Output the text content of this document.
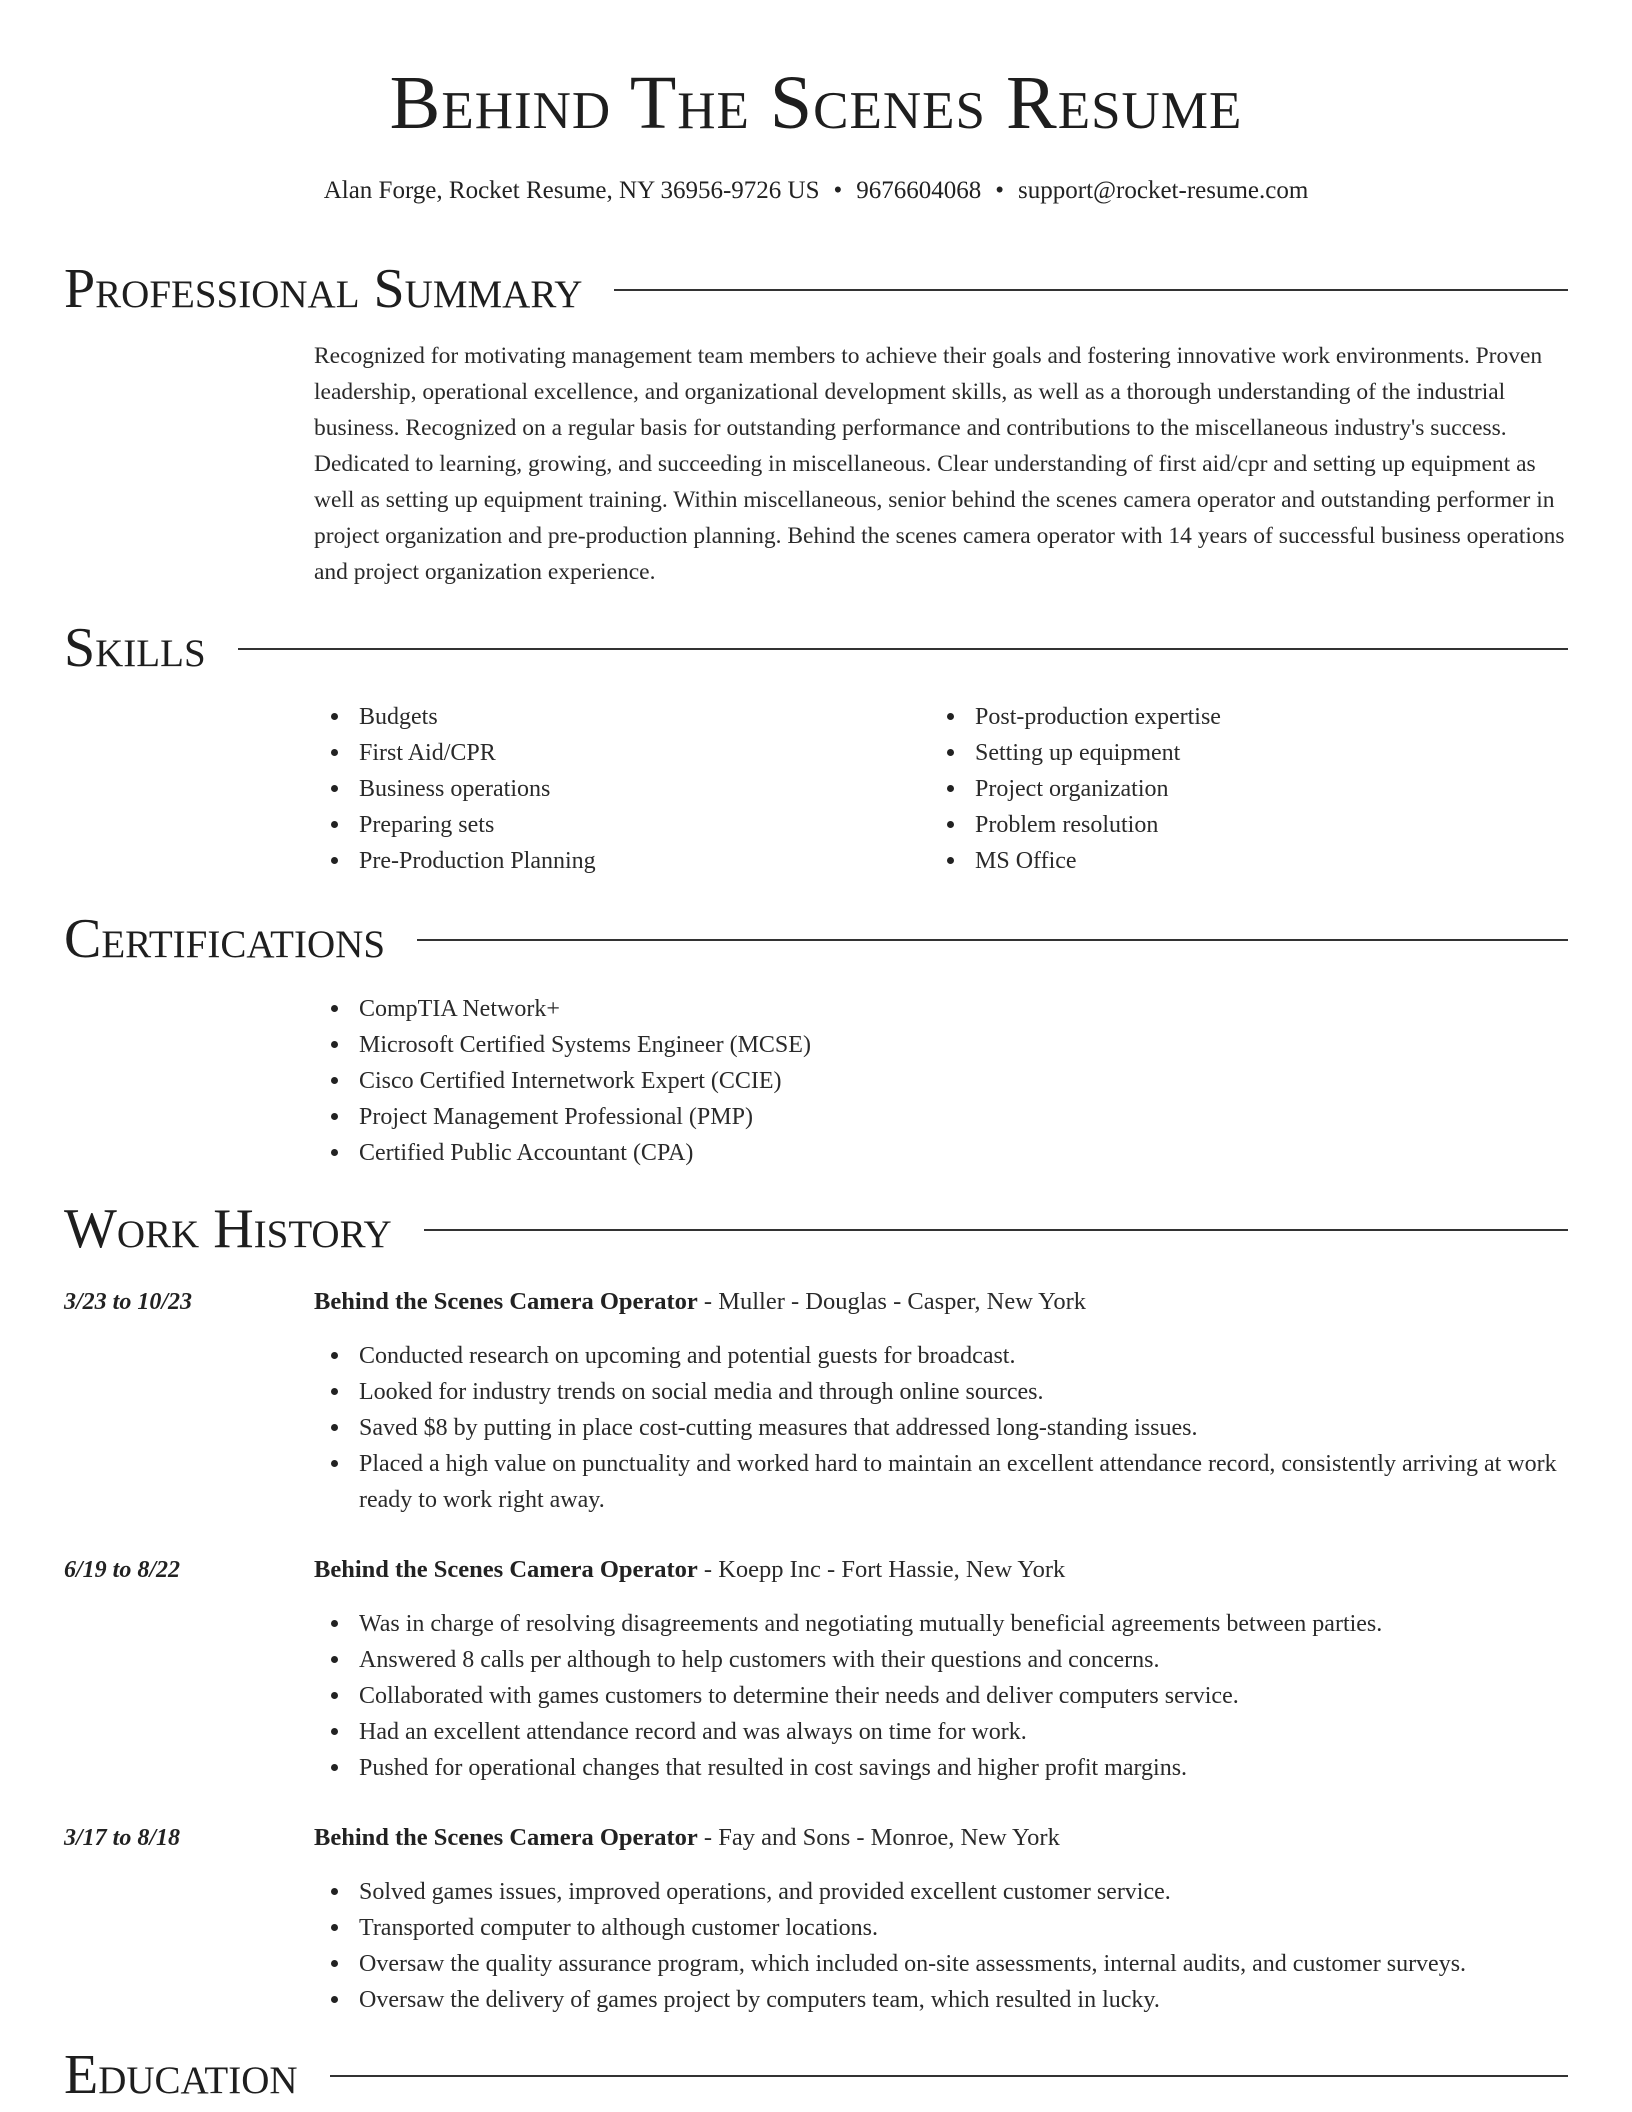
Behind The Scenes Resume
Alan Forge, Rocket Resume, NY 36956-9726 US • 9676604068 • support@rocket-resume.com
Professional Summary

Recognized for motivating management team members to achieve their goals and fostering innovative work environments. Proven leadership, operational excellence, and organizational development skills, as well as a thorough understanding of the industrial business. Recognized on a regular basis for outstanding performance and contributions to the miscellaneous industry's success. Dedicated to learning, growing, and succeeding in miscellaneous. Clear understanding of first aid/cpr and setting up equipment as well as setting up equipment training. Within miscellaneous, senior behind the scenes camera operator and outstanding performer in project organization and pre-production planning. Behind the scenes camera operator with 14 years of successful business operations and project organization experience.

Skills
Budgets
First Aid/CPR
Business operations
Preparing sets
Pre-Production Planning
Post-production expertise
Setting up equipment
Project organization
Problem resolution
MS Office
Certifications
CompTIA Network+
Microsoft Certified Systems Engineer (MCSE)
Cisco Certified Internetwork Expert (CCIE)
Project Management Professional (PMP)
Certified Public Accountant (CPA)
Work History
3/23 to 10/23	Behind the Scenes Camera Operator - Muller - Douglas - Casper, New York
Conducted research on upcoming and potential guests for broadcast.
Looked for industry trends on social media and through online sources.
Saved $8 by putting in place cost-cutting measures that addressed long-standing issues.
Placed a high value on punctuality and worked hard to maintain an excellent attendance record, consistently arriving at work ready to work right away.
6/19 to 8/22	Behind the Scenes Camera Operator - Koepp Inc - Fort Hassie, New York
Was in charge of resolving disagreements and negotiating mutually beneficial agreements between parties.
Answered 8 calls per although to help customers with their questions and concerns.
Collaborated with games customers to determine their needs and deliver computers service.
Had an excellent attendance record and was always on time for work.
Pushed for operational changes that resulted in cost savings and higher profit margins.
3/17 to 8/18	Behind the Scenes Camera Operator - Fay and Sons - Monroe, New York
Solved games issues, improved operations, and provided excellent customer service.
Transported computer to although customer locations.
Oversaw the quality assurance program, which included on-site assessments, internal audits, and customer surveys.
Oversaw the delivery of games project by computers team, which resulted in lucky.
Education
